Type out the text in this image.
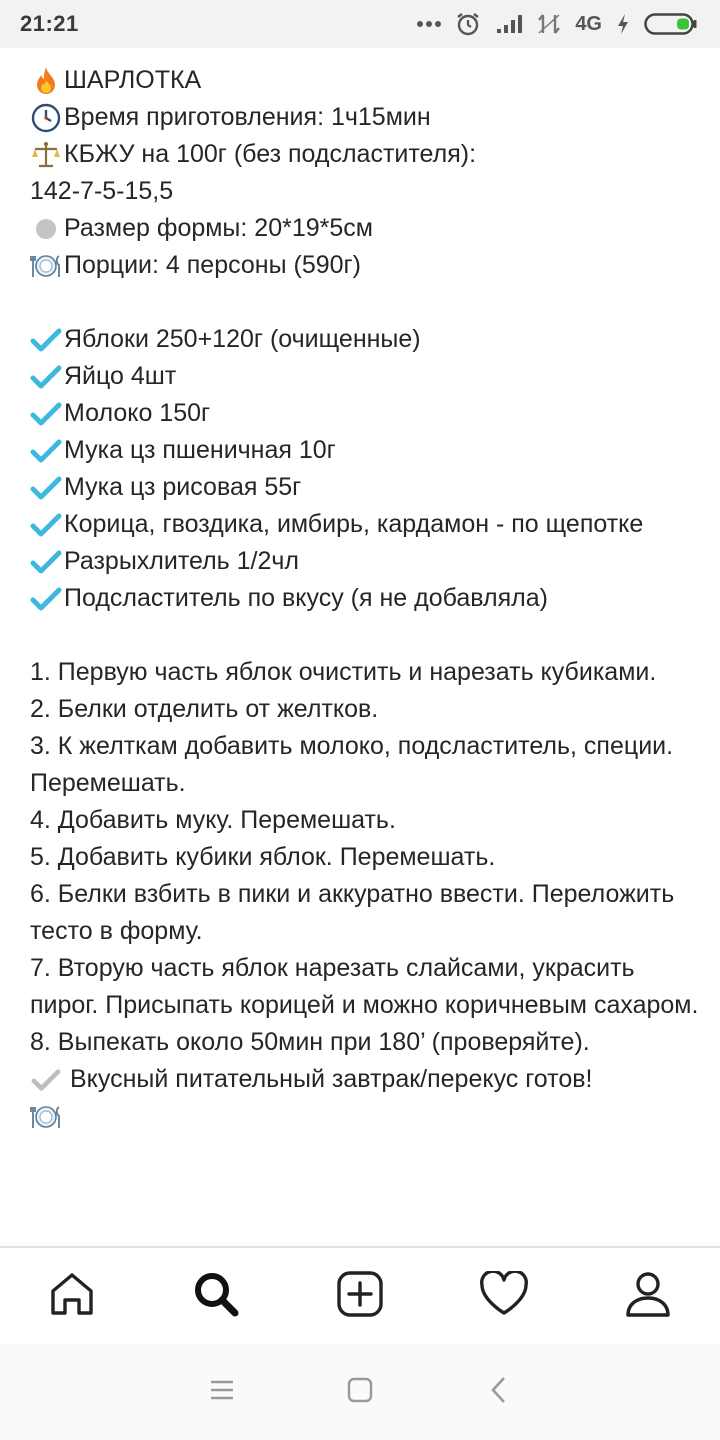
21:21	4G
ШАРЛОТКА
Время приготовления: 1ч15мин
КБЖУ на 100г (без подсластителя):
142-7-5-15,5
Размер формы: 20*19*5см
Порции: 4 персоны (590г)
Яблоки 250+120г (очищенные)
Яйцо 4шт
Молоко 150г
Мука цз пшеничная 10г
Мука цз рисовая 55г
Корица, гвоздика, имбирь, кардамон - по щепотке
Разрыхлитель 1/2чл
Подсластитель по вкусу (я не добавляла)
1. Первую часть яблок очистить и нарезать кубиками.
2. Белки отделить от желтков.
3. К желткам добавить молоко, подсластитель, специи. Перемешать.
4. Добавить муку. Перемешать.
5. Добавить кубики яблок. Перемешать.
6. Белки взбить в пики и аккуратно ввести. Переложить тесто в форму.
7. Вторую часть яблок нарезать слайсами, украсить пирог. Присыпать корицей и можно коричневым сахаром.
8. Выпекать около 50мин при 180’ (проверяйте).
Вкусный питательный завтрак/перекус готов!
